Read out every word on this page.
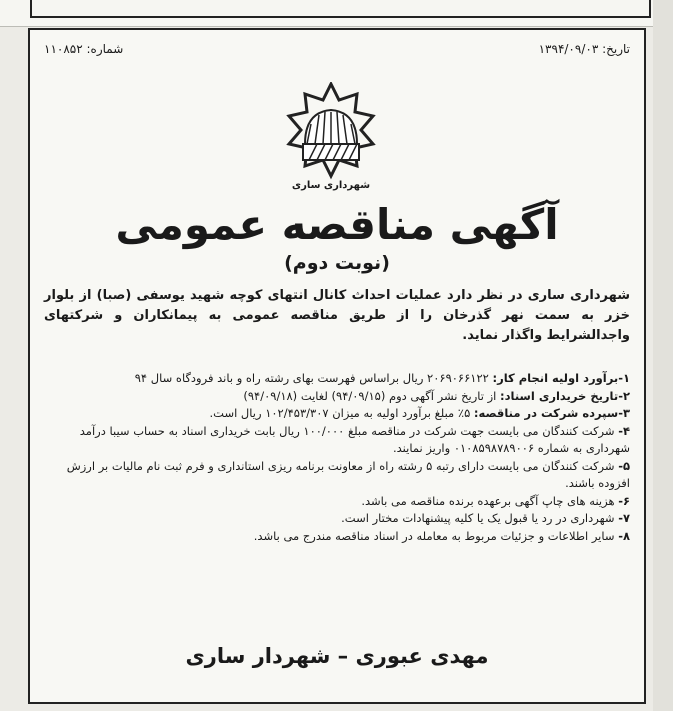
تاریخ: ۱۳۹۴/۰۹/۰۳
شماره: ۱۱۰۸۵۲
شهرداری ساری
آگهی مناقصه عمومی
(نوبت دوم)
شهرداری ساری در نظر دارد عملیات احداث کانال انتهای کوچه شهید یوسفی (صبا) از بلوار خزر به سمت نهر گذرخان را از طریق مناقصه عمومی به پیمانکاران و شرکتهای واجدالشرایط واگذار نماید.
۱-برآورد اولیه انجام کار: ۲۰۶۹۰۶۶۱۲۲ ریال براساس فهرست بهای رشته راه و باند فرودگاه سال ۹۴
۲-تاریخ خریداری اسناد: از تاریخ نشر آگهی دوم (۹۴/۰۹/۱۵) لغایت (۹۴/۰۹/۱۸)
۳-سپرده شرکت در مناقصه: ۵٪ مبلغ برآورد اولیه به میزان ۱۰۲/۴۵۳/۳۰۷ ریال است.
۴- شرکت کنندگان می بایست جهت شرکت در مناقصه مبلغ ۱۰۰/۰۰۰ ریال بابت خریداری اسناد به حساب سیبا درآمد شهرداری به شماره ۰۱۰۸۵۹۸۷۸۹۰۰۶ واریز نمایند.
۵- شرکت کنندگان می بایست دارای رتبه ۵ رشته راه از معاونت برنامه ریزی استانداری و فرم ثبت نام مالیات بر ارزش افزوده باشند.
۶- هزینه های چاپ آگهی برعهده برنده مناقصه می باشد.
۷- شهرداری در رد یا قبول یک یا کلیه پیشنهادات مختار است.
۸- سایر اطلاعات و جزئیات مربوط به معامله در اسناد مناقصه مندرج می باشد.
مهدی عبوری – شهردار ساری
